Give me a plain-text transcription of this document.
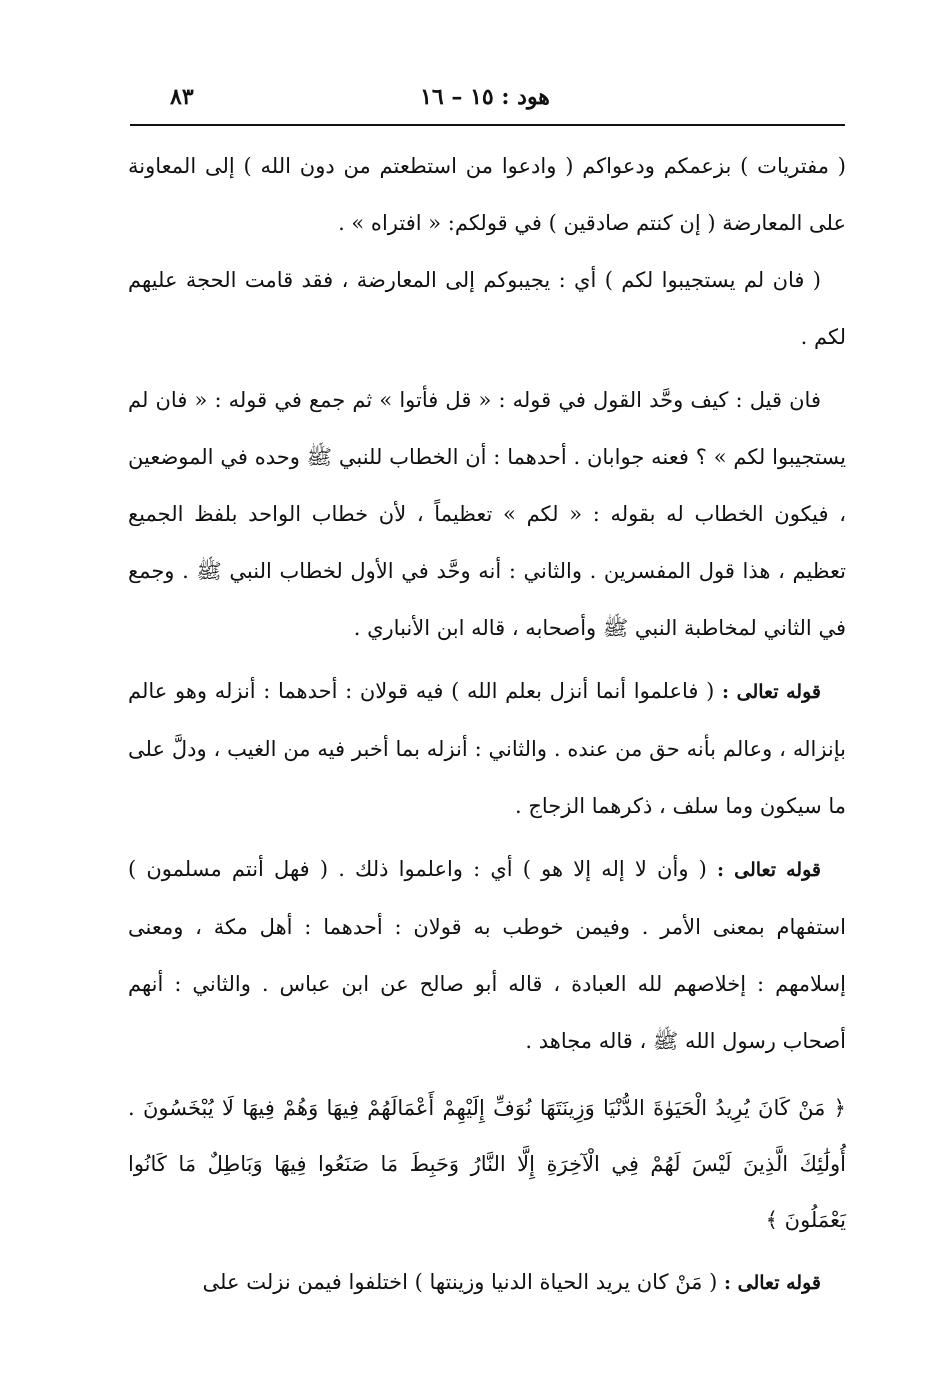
هود : ١٥ – ١٦
٨٣

( مفتريات ) بزعمكم ودعواكم ( وادعوا من استطعتم من دون الله ) إلى المعاونة على المعارضة ( إن كنتم صادقين ) في قولكم: « افتراه » .

( فان لم يستجيبوا لكم ) أي : يجيبوكم إلى المعارضة ، فقد قامت الحجة عليهم لكم .

فان قيل : كيف وحَّد القول في قوله : « قل فأتوا » ثم جمع في قوله : « فان لم يستجيبوا لكم » ؟ فعنه جوابان . أحدهما : أن الخطاب للنبي ﷺ وحده في الموضعين ، فيكون الخطاب له بقوله : « لكم » تعظيماً ، لأن خطاب الواحد بلفظ الجميع تعظيم ، هذا قول المفسرين . والثاني : أنه وحَّد في الأول لخطاب النبي ﷺ . وجمع في الثاني لمخاطبة النبي ﷺ وأصحابه ، قاله ابن الأنباري .

قوله تعالى : ( فاعلموا أنما أنزل بعلم الله ) فيه قولان : أحدهما : أنزله وهو عالم بإنزاله ، وعالم بأنه حق من عنده . والثاني : أنزله بما أخبر فيه من الغيب ، ودلَّ على ما سيكون وما سلف ، ذكرهما الزجاج .

قوله تعالى : ( وأن لا إله إلا هو ) أي : واعلموا ذلك . ( فهل أنتم مسلمون ) استفهام بمعنى الأمر . وفيمن خوطب به قولان : أحدهما : أهل مكة ، ومعنى إسلامهم : إخلاصهم لله العبادة ، قاله أبو صالح عن ابن عباس . والثاني : أنهم أصحاب رسول الله ﷺ ، قاله مجاهد .

﴿ مَنْ كَانَ يُرِيدُ الْحَيَوٰةَ الدُّنْيَا وَزِينَتَهَا نُوَفِّ إِلَيْهِمْ أَعْمَالَهُمْ فِيهَا وَهُمْ فِيهَا لَا يُبْخَسُونَ . أُولَٰئِكَ الَّذِينَ لَيْسَ لَهُمْ فِي الْآخِرَةِ إِلَّا النَّارُ وَحَبِطَ مَا صَنَعُوا فِيهَا وَبَاطِلٌ مَا كَانُوا يَعْمَلُونَ ﴾

قوله تعالى : ( مَنْ كان يريد الحياة الدنيا وزينتها ) اختلفوا فيمن نزلت على
